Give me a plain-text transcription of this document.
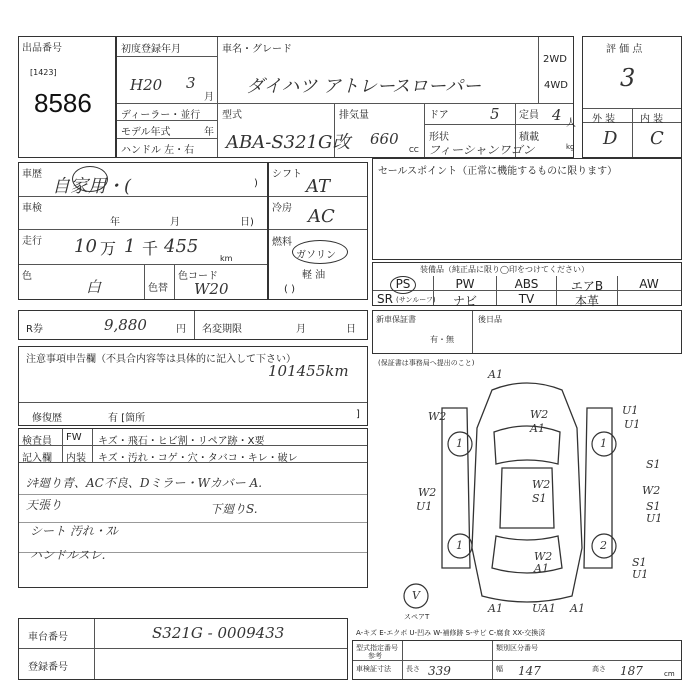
出品番号
[1423]
8586
初度登録年月
H20 3
月
ディーラー・並行
モデル年式	年
ハンドル 左・右
車名・グレード
ダイハツ アトレー
スローパー
2WD
4WD
型式
ABA-S321G改
排気量
660
CC
ドア	5
形状
フィーシャンワゴン
定員 4 人
積載
kg
評 価 点
3
外 装 内 装
D C
車歴
自家用・(	)
車検
年	月	日)
走行 10 万 1 千 455
km
色
白	色替
色コード
W20
シフト
AT
冷房 AC
燃料
ガソリン
軽 油
( )
セールスポイント（正常に機能するものに限ります）
装備品（純正品に限り◯印をつけてください）
PS	PW	ABS	エアB	AW
SR (サンルーフ)	ナビ	TV	本革
R券	9,880	円 名変期限	月	日
新車保証書
有・無
後日品
注意事項申告欄（不具合内容等は具体的に記入して下さい）
101455km
修復歴	有 [箇所	]
検査員
記入欄
FW キズ・飛石・ヒビ割・リペア跡・X要
内装 キズ・汚れ・コゲ・穴・タバコ・キレ・破レ
ｼｷ廻り青、AC不良、Dミラー・Wカバー A.
天張り	下廻りS.
シート 汚れ・ｽﾚ
ハンドルスレ.
(保証書は事務局へ提出のこと)
A1
W2
A1
U1
W2
U1
W2
S1
S1
W2
U1
W2
S1
U1
W2
A1	S1
U1
A1	UA1 A1
1	1
1	2
V
スペアT
車台番号	S321G - 0009433
登録番号
A-キズ E-エクボ U-凹み W-補修跡 S-サビ C-腐食 XX-交換済
型式指定番号
参考
類別区分番号
車検証寸法 長さ 339	幅 147	高さ 187	cm
